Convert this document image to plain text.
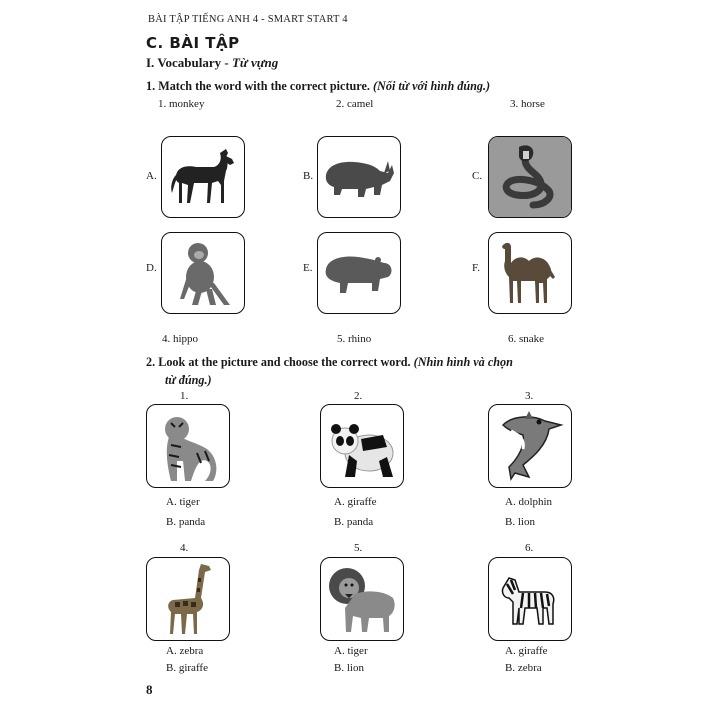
BÀI TẬP TIẾNG ANH 4 - SMART START 4
C. BÀI TẬP
I. Vocabulary - Từ vựng
1. Match the word with the correct picture. (Nối từ với hình đúng.)
1. monkey	2. camel	3. horse
A.	B.	C.
D.	E.	F.
4. hippo	5. rhino	6. snake
2. Look at the picture and choose the correct word. (Nhìn hình và chọn
từ đúng.)
1.
A. tiger
B. panda
2.
A. giraffe
B. panda
3.
A. dolphin
B. lion
4.
A. zebra
B. giraffe
5.
A. tiger
B. lion
6.
A. giraffe
B. zebra
8
